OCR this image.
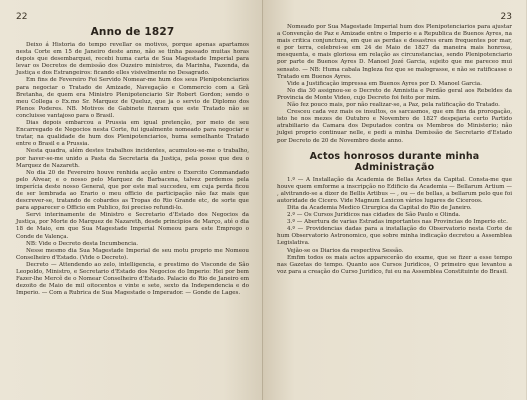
22
Anno de 1827

Deixo á Historia do tempo revellar os motivos, porque apenas apartamos nesta Corte em 15 de Janeiro deste anno, não se tinha passado muitas horas depois que desembarquei, recebi huma carta de Sua Magestade Imperial para levar os Decretos de demissão dos Ouzeiro ministros, da Marinha, Fazenda, da Justiça e dos Estrangeiros: ficando elles visivelmente no Desagrado.

Em fins de Fevereiro Foi Servido Nomear-me hum dos seus Plenipotenciarios para negociar o Tratado de Amizade, Navegação e Commercio com a Grã Bretanha, de quem era Ministro Plenipotenciario Sir Robert Gordon; sendo o meu Collega o Ex.mo Sr. Marquez de Queluz, que ja o servio de Diplomo dos Plenos Poderes. NB. Motivos de Gabinete fizeram que este Tratado não se concluisse vantajoso para o Brasil.

Dias depois embarcou a Prussia em igual pretenção, por meio de seu Encarregado de Negocios nesta Corte, fui igualmente nomeado para negociar e tratar, na qualidade de hum dos Plenipotenciarios, huma semelhante Tratado entre o Brasil e a Prussia.

Nesta quadra, além destes trabalhos incidentes, acumulou-se-me o trabalho, por haver-se-me unido a Pasta da Secretaria da Justiça, pela posse que deu o Marquez de Nazareth.

No dia 20 de Fevereiro houve renhida acção entre o Exercito Commandado pelo Alvear, e o nosso pelo Marquez de Barbacena, talvez perdemos pela imperícia deste nosso General, que por este mal succedeu, em cuja perda ficou de ser lembrada ao Erario o meu officio de participação não faz mais que descrever-se, tratando de cobardes as Tropas do Rio Grande etc, de sorte que para apparecer o Officio em Publico, foi preciso refundi-lo.

Servi interinamente de Ministro e Secretario d'Estado dos Negocios da Justiça, por Morte do Marquez de Nazareth, desde principios de Março, até o dia 18 de Maio, em que Sua Magestade Imperial Nomeou para este Emprego o Conde de Valença.

NB: Vide o Decreto desta Incumbencia.

Nesse mesmo dia Sua Magestade Imperial de seu motu proprio me Nomeou Conselheiro d'Estado. (Vide o Decreto).

Decreto — Attendendo ao zelo, intelligencia, e prestimo do Visconde de São Leopoldo, Ministro, e Secretario d'Estado dos Negocios do Imperio: Hei por bem Fazer-lhe Mercê de o Nomear Conselheiro d'Estado. Palacio do Rio de Janeiro em dezoito de Maio de mil oitocentos e vinte e sete, sexto da Independencia e do Imperio. — Com a Rubrica de Sua Magestade o Imperador. — Gonde de Lages.

23

Nomeado por Sua Magestade Imperial hum dos Plenipotenciarios para ajustar a Convenção de Paz e Amizade entre o Imperio e a Republica de Buenos Ayres, na mais critica conjunctura, em que as perdas e desastres eram frequentes por mar, e por terra, celebrei-se em 24 de Maio de 1827 da maneira mais honrosa, mesquenta, e mais gloriosa em relação as circunstancias, sendo Plenipotenciario por parte de Buenos Ayres D. Manoel Jozé Garcia, sujeito que me pareceo mui sensato. — NB: Huma cabala Ingleza fez que se malograsse, e não se ratificasse o Tratado em Buenos Ayres.

Vide a Justificação impressa em Buenos Ayres por D. Manoel Garcia.

No dia 30 assignou-se o Decreto de Amnistia e Perdão geral aos Rebeldes da Provincia de Monte Video, cujo Decreto foi feito por mim.

Não fez pouco mais, por não realizar-se, a Paz, pela ratificação do Tratado.

Cresceu cada vez mais os insultos, os sarcasmos, que em fins da prorogação, isto he nos mezes de Outubro e Novembro de 1827 despejaria certo Partido atrabiliario da Camara dos Deputados contra os Membros do Ministerio; não julgei proprio continuar nelle, e pedi a minha Demissão de Secretario d'Estado por Decreto de 20 de Novembro deste anno.

Actos honrosos durante minha Administração

1.º — A Installação da Academia de Bellas Artes da Capital. Consta-me que houve quem emforme a inscripção no Edificio da Academia — Bellarum Artium — , alvitrando-se a dizer de Bellis Artibus — , ou — de bellas, a bellarum pelo que foi autoridade de Cicero. Vide Magnum Lexicon vários lugares de Ciceroos.

Dita da Academia Medico Cirurgica da Capital do Rio de Janeiro.

2.º — Os Cursos Juridicos nas cidades de São Paulo e Olinda.

3.º — Abertura de varias Estradas importantes nas Provincias do Imperio etc.

4.º — Providencias dadas para a installação do Observatorio nesta Corte de hum Observatorio Astronomico, que sobre minha indicação decretou a Assemblea Legislativa.

Vejão-se os Diarios da respectiva Sessão.

Emfim todos os mais actos apparecerão do exame, que se fizer a esse tempo nas Gazetas do tempo. Quanto aos Cursos Juridicos, O primeiro que levantou a voz para a creação do Curso Juridico, fui eu na Assemblea Constituinte do Brasil.
